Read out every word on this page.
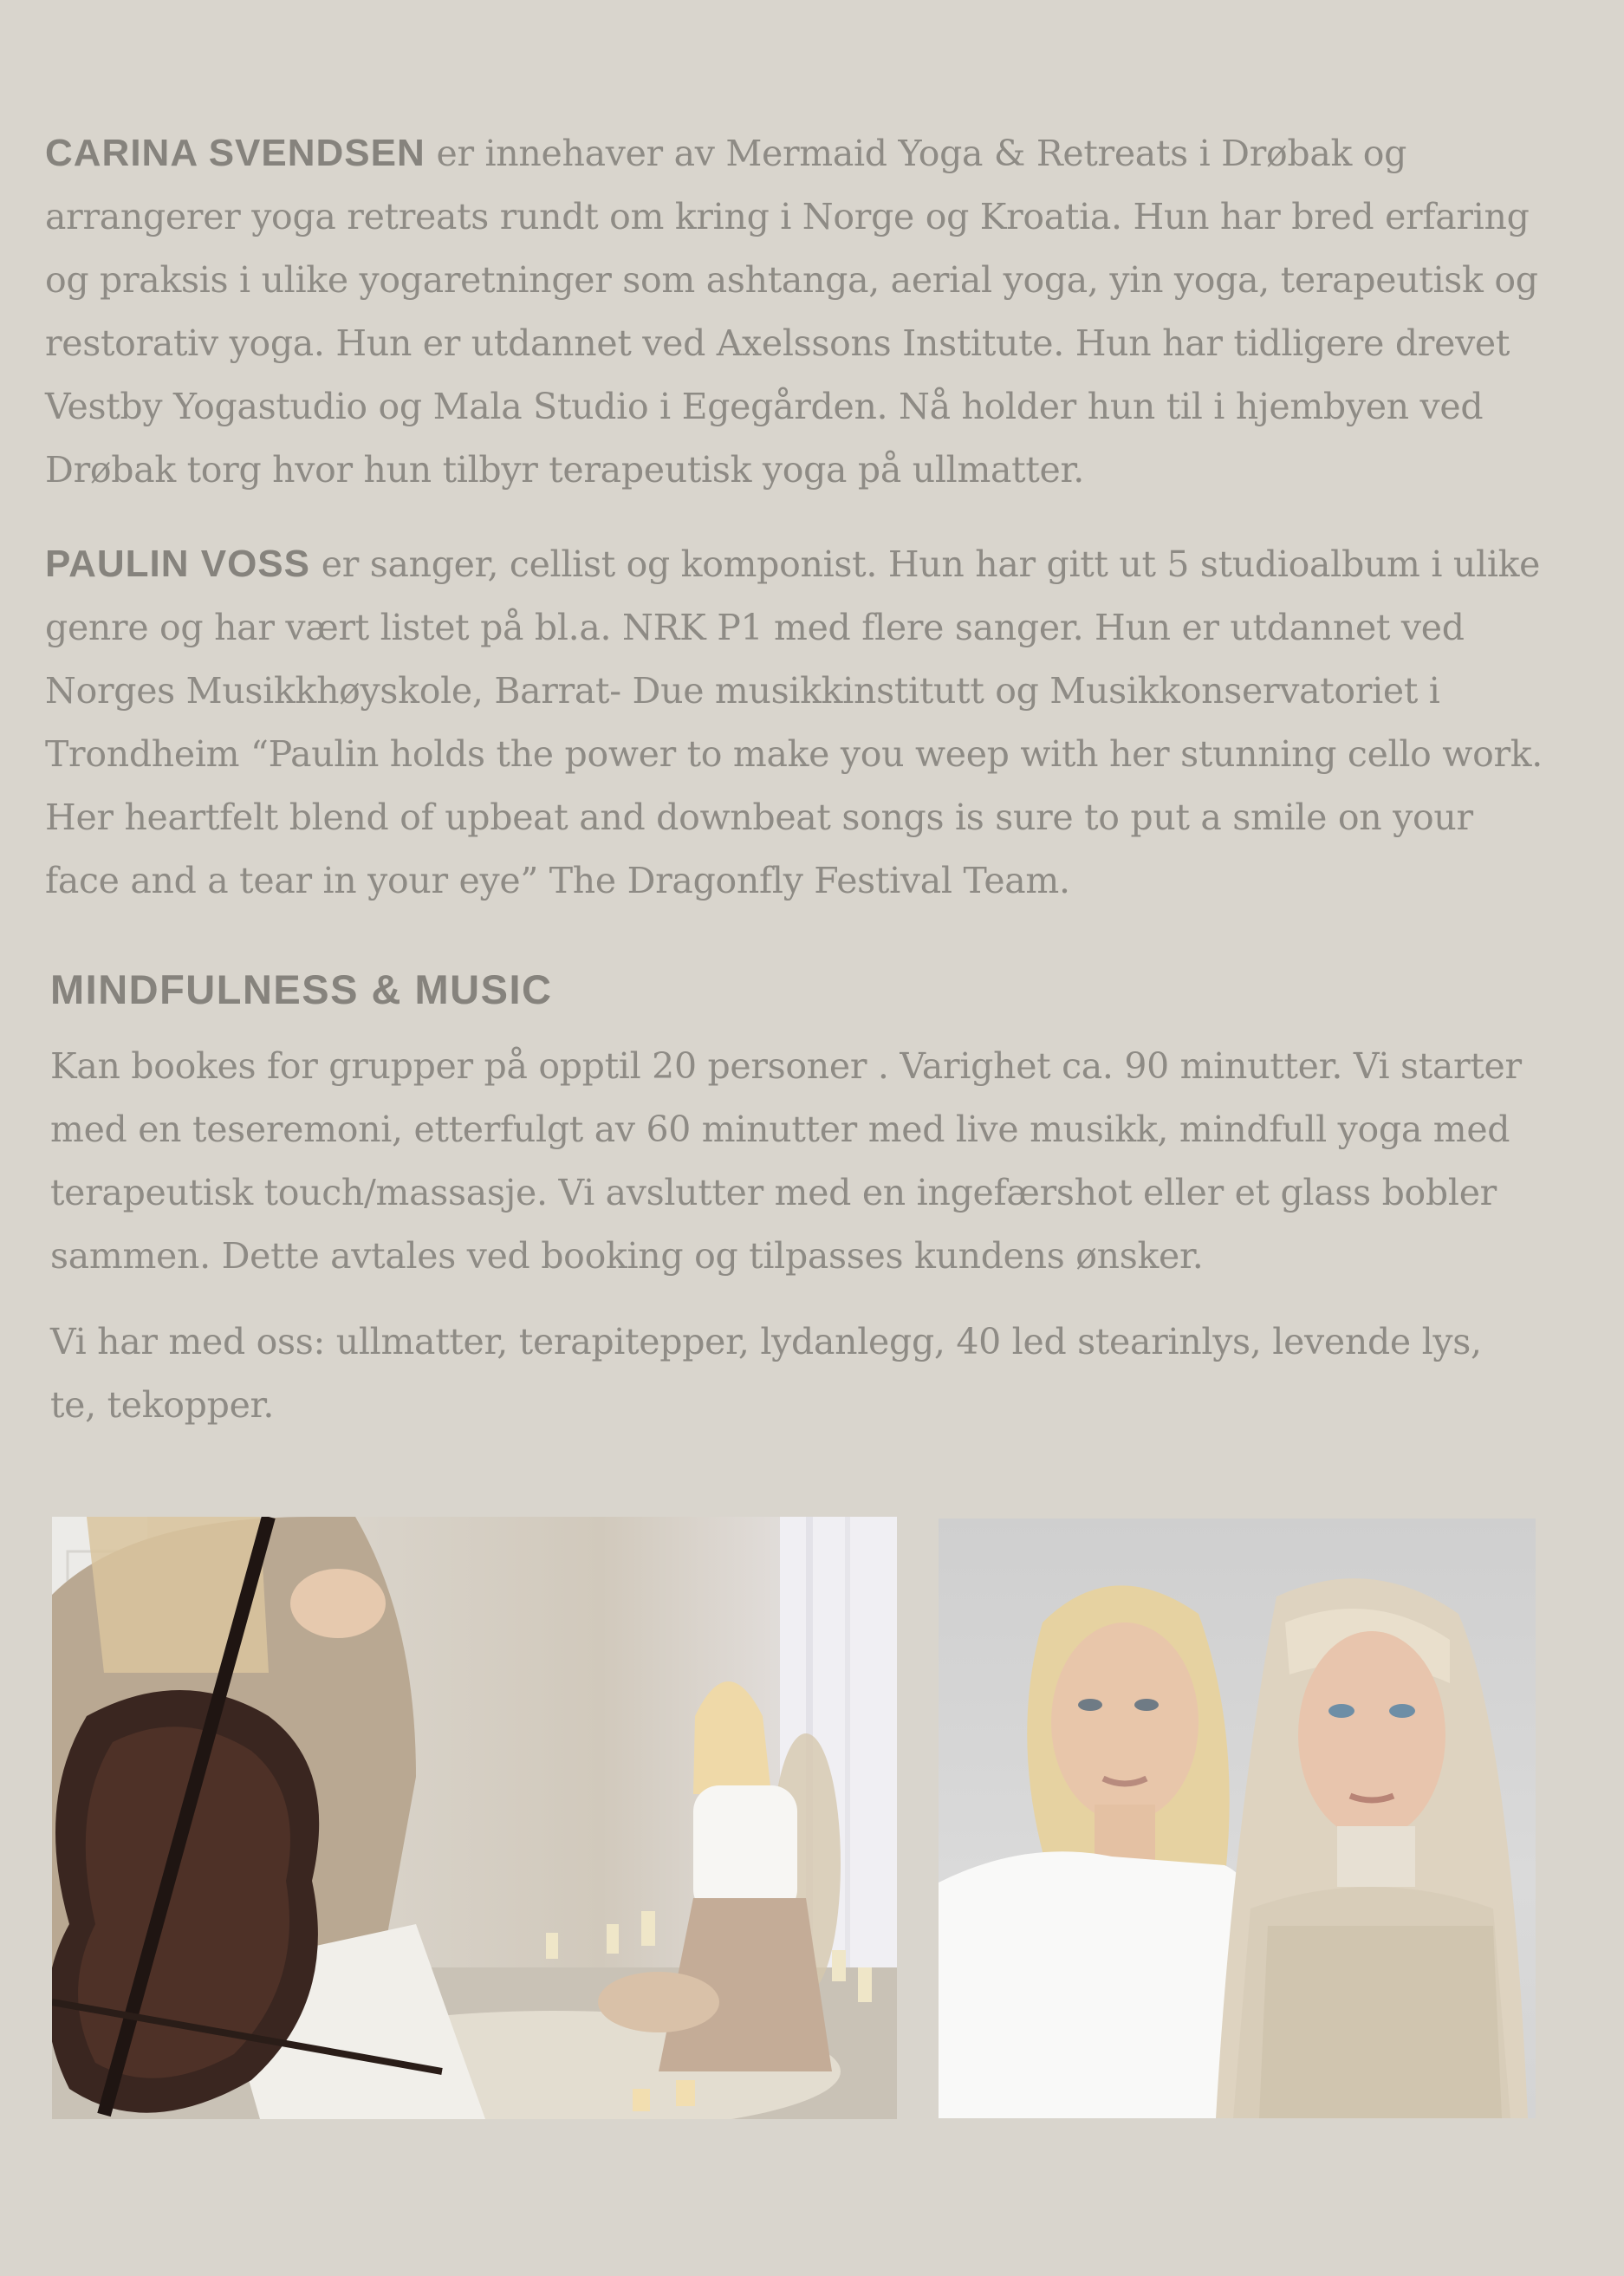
CARINA SVENDSEN er innehaver av Mermaid Yoga & Retreats i Drøbak og arrangerer yoga retreats rundt om kring i Norge og Kroatia. Hun har bred erfaring og praksis i ulike yogaretninger som ashtanga, aerial yoga, yin yoga, terapeutisk og restorativ yoga. Hun er utdannet ved Axelssons Institute. Hun har tidligere drevet Vestby Yogastudio og Mala Studio i Egegården. Nå holder hun til i hjembyen ved Drøbak torg hvor hun tilbyr terapeutisk yoga på ullmatter.

PAULIN VOSS er sanger, cellist og komponist. Hun har gitt ut 5 studioalbum i ulike genre og har vært listet på bl.a. NRK P1 med flere sanger. Hun er utdannet ved Norges Musikkhøyskole, Barrat- Due musikkinstitutt og Musikkonservatoriet i Trondheim “Paulin holds the power to make you weep with her stunning cello work. Her heartfelt blend of upbeat and downbeat songs is sure to put a smile on your face and a tear in your eye” The Dragonfly Festival Team.

MINDFULNESS & MUSIC

Kan bookes for grupper på opptil 20 personer . Varighet ca. 90 minutter. Vi starter med en teseremoni, etterfulgt av 60 minutter med live musikk, mindfull yoga med terapeutisk touch/massasje. Vi avslutter med en ingefærshot eller et glass bobler sammen. Dette avtales ved booking og tilpasses kundens ønsker.

Vi har med oss: ullmatter, terapitepper, lydanlegg, 40 led stearinlys, levende lys, te, tekopper.
